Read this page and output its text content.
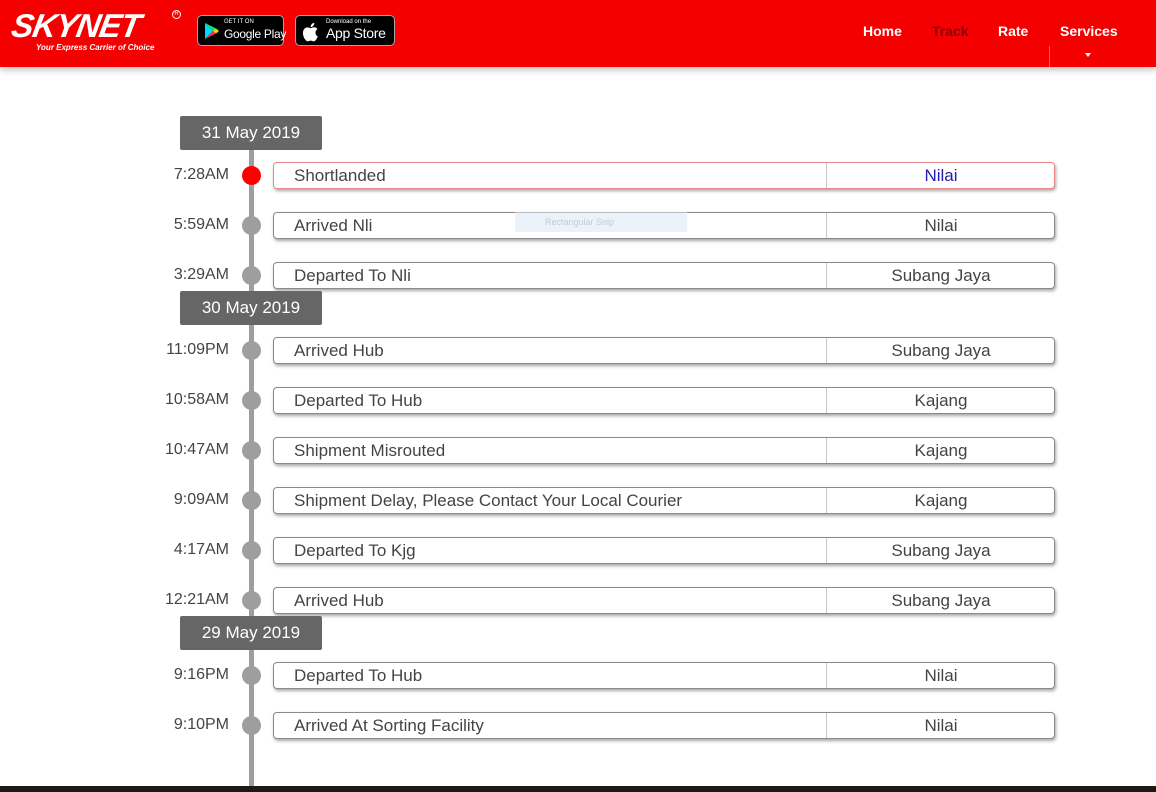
SKYNET	R
Your Express Carrier of Choice
GET IT ON
Google Play
Download on the
App Store	Home Track Rate Services
31 May 2019
7:28AM	Shortlanded	Nilai
5:59AM	Arrived Nli	Nilai
3:29AM	Departed To Nli	Subang Jaya
30 May 2019
11:09PM	Arrived Hub	Subang Jaya
10:58AM	Departed To Hub	Kajang
10:47AM	Shipment Misrouted	Kajang
9:09AM	Shipment Delay, Please Contact Your Local Courier	Kajang
4:17AM	Departed To Kjg	Subang Jaya
12:21AM	Arrived Hub	Subang Jaya
29 May 2019
9:16PM	Departed To Hub	Nilai
9:10PM	Arrived At Sorting Facility	Nilai
Rectangular Snip
